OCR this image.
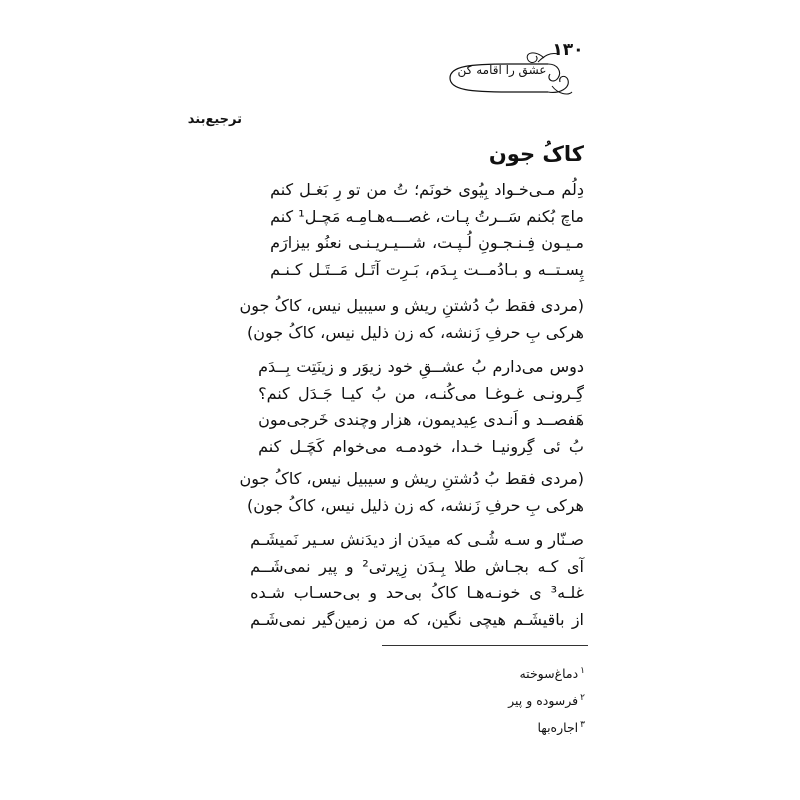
۱۳۰
عشق را اقامه کن
ترجیع‌بند
کاکُ جون
دِلُم مـی‌خـواد بِیُوی خونَم؛ تُ من تو رِ بَغـل کنم
ماچ بُکنم سَــرتُ پـات، غصـــه‌هـامِـه مَچـل¹ کنم
مـیـون فِـنـجـونِ لُـپـت، شـــیـریـنـی نعنُو بیزارَم
پِسـتــه و بـادُمــت بِـدَم، بَـرِت آتَـل مَــتَـل کـنـم
(مردی فقط بُ دُشتنِ ریش و سیبیل نیس، کاکُ جون
هرکی بِ حرفِ زَنشه، که زن ذلیل نیس، کاکُ جون)
دوس می‌دارم بُ عشــقِ خود زیوَر و زینَتِت بِــدَم
گِـرونـی غـوغـا می‌کُنـه، من بُ کیـا جَـدَل کنم؟
هَفصــد و اَنـدی عِیدیمون، هزار وچندی خَرجی‌مون
بُ ئی گِرونیـا خـدا، خودمـه می‌خوام کَچَـل کنم
(مردی فقط بُ دُشتنِ ریش و سیبیل نیس، کاکُ جون
هرکی بِ حرفِ زَنشه، که زن ذلیل نیس، کاکُ جون)
صـنّار و سـه شُـی که میدَن از دیدَنش سـیر نَمیشَـم
آی کـه بجـاش طلا بِـدَن زِپرتی² و پیر نمی‌شَــم
غلـه³ ی خونـه‌هـا کاکُ بی‌حد و بی‌حسـاب شـده
از باقیشَـم هیچی نگین، که من زمین‌گیر نمی‌شَـم
$^۱$دماغ‌سوخته
$^۲$فرسوده و پیر
$^۳$اجاره‌بها
